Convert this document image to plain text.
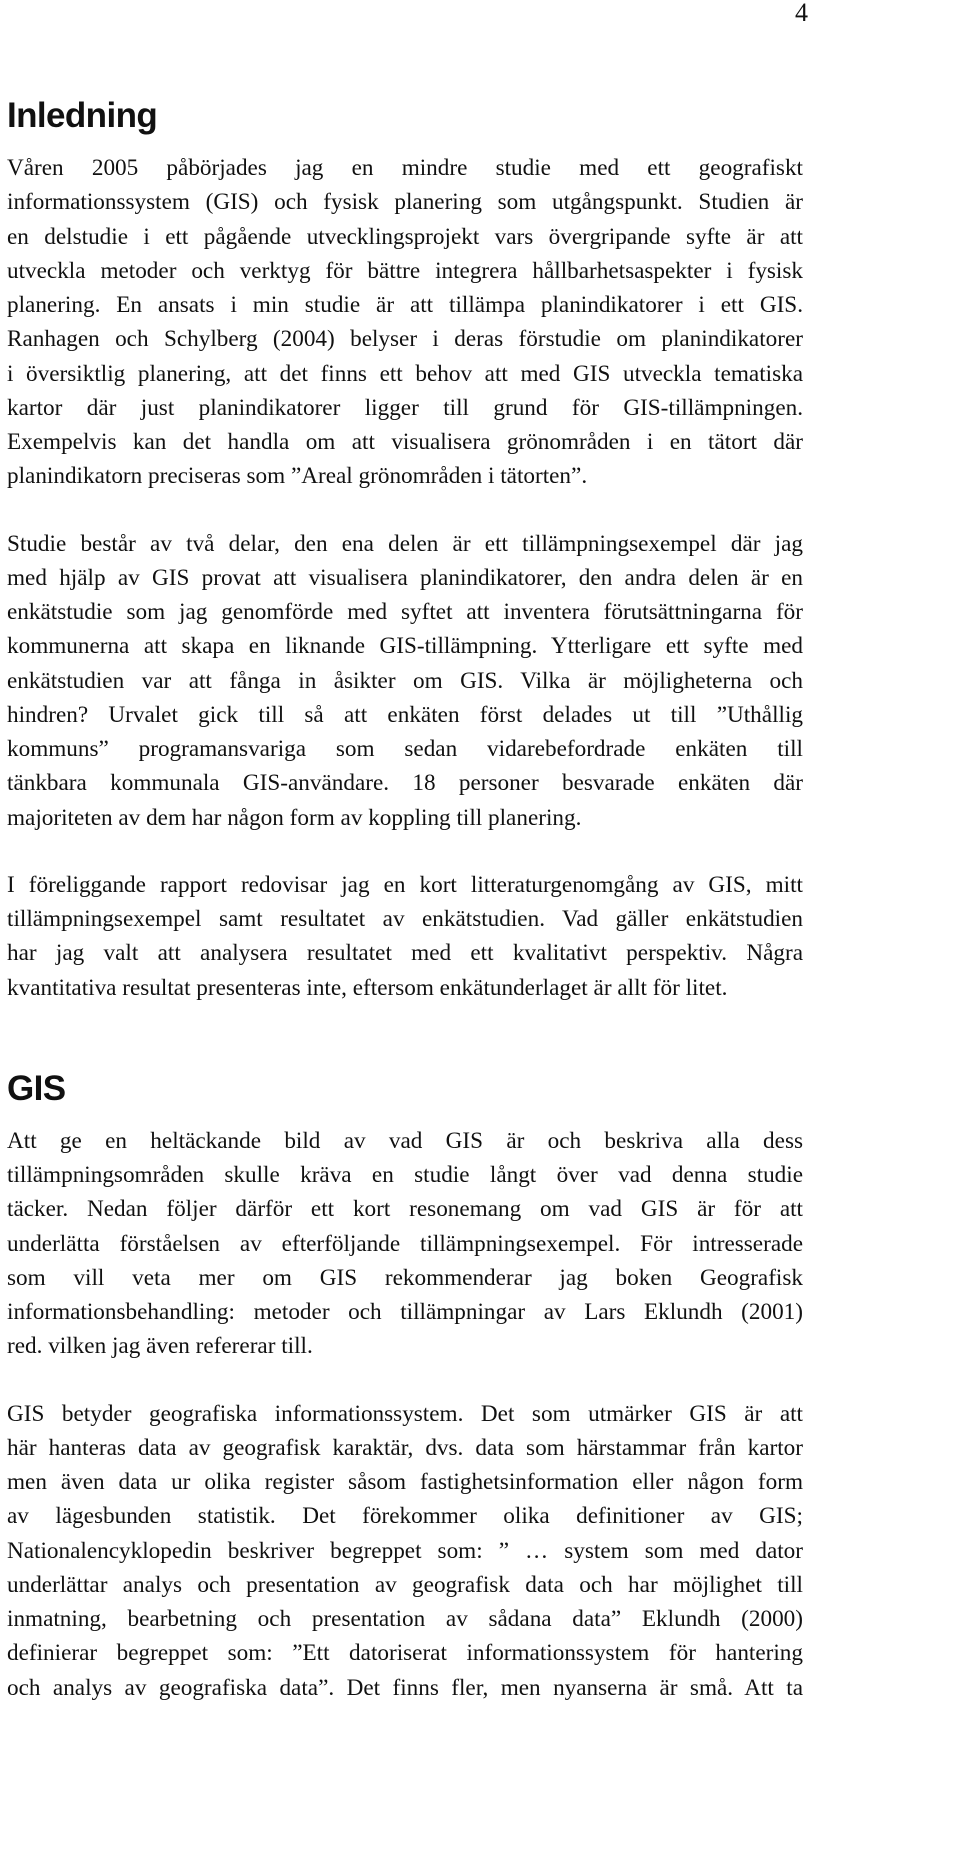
4
Inledning
Våren 2005 påbörjades jag en mindre studie med ett geografiskt
informationssystem (GIS) och fysisk planering som utgångspunkt. Studien är
en delstudie i ett pågående utvecklingsprojekt vars övergripande syfte är att
utveckla metoder och verktyg för bättre integrera hållbarhetsaspekter i fysisk
planering. En ansats i min studie är att tillämpa planindikatorer i ett GIS.
Ranhagen och Schylberg (2004) belyser i deras förstudie om planindikatorer
i översiktlig planering, att det finns ett behov att med GIS utveckla tematiska
kartor där just planindikatorer ligger till grund för GIS-tillämpningen.
Exempelvis kan det handla om att visualisera grönområden i en tätort där
planindikatorn preciseras som ”Areal grönområden i tätorten”.
Studie består av två delar, den ena delen är ett tillämpningsexempel där jag
med hjälp av GIS provat att visualisera planindikatorer, den andra delen är en
enkätstudie som jag genomförde med syftet att inventera förutsättningarna för
kommunerna att skapa en liknande GIS-tillämpning. Ytterligare ett syfte med
enkätstudien var att fånga in åsikter om GIS. Vilka är möjligheterna och
hindren? Urvalet gick till så att enkäten först delades ut till ”Uthållig
kommuns” programansvariga som sedan vidarebefordrade enkäten till
tänkbara kommunala GIS-användare. 18 personer besvarade enkäten där
majoriteten av dem har någon form av koppling till planering.
I föreliggande rapport redovisar jag en kort litteraturgenomgång av GIS, mitt
tillämpningsexempel samt resultatet av enkätstudien. Vad gäller enkätstudien
har jag valt att analysera resultatet med ett kvalitativt perspektiv. Några
kvantitativa resultat presenteras inte, eftersom enkätunderlaget är allt för litet.
GIS
Att ge en heltäckande bild av vad GIS är och beskriva alla dess
tillämpningsområden skulle kräva en studie långt över vad denna studie
täcker. Nedan följer därför ett kort resonemang om vad GIS är för att
underlätta förståelsen av efterföljande tillämpningsexempel. För intresserade
som vill veta mer om GIS rekommenderar jag boken Geografisk
informationsbehandling: metoder och tillämpningar av Lars Eklundh (2001)
red. vilken jag även refererar till.
GIS betyder geografiska informationssystem. Det som utmärker GIS är att
här hanteras data av geografisk karaktär, dvs. data som härstammar från kartor
men även data ur olika register såsom fastighetsinformation eller någon form
av lägesbunden statistik. Det förekommer olika definitioner av GIS;
Nationalencyklopedin beskriver begreppet som: ” … system som med dator
underlättar analys och presentation av geografisk data och har möjlighet till
inmatning, bearbetning och presentation av sådana data” Eklundh (2000)
definierar begreppet som: ”Ett datoriserat informationssystem för hantering
och analys av geografiska data”. Det finns fler, men nyanserna är små. Att ta
